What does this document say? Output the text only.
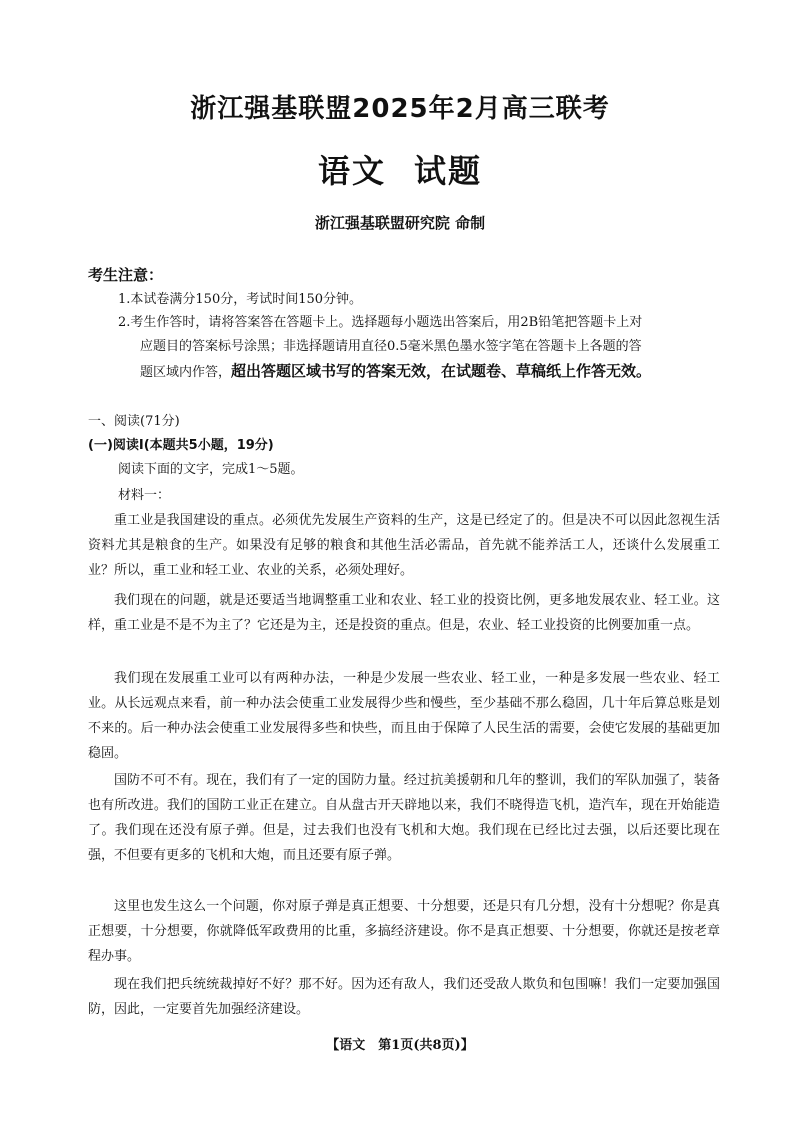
浙江强基联盟2025年2月高三联考
语文 试题
浙江强基联盟研究院 命制
考生注意：
1.本试卷满分150分，考试时间150分钟。
2.考生作答时，请将答案答在答题卡上。选择题每小题选出答案后，用2B铅笔把答题卡上对
应题目的答案标号涂黑；非选择题请用直径0.5毫米黑色墨水签字笔在答题卡上各题的答
题区域内作答，超出答题区域书写的答案无效，在试题卷、草稿纸上作答无效。
一、阅读(71分)
(一)阅读Ⅰ(本题共5小题，19分)
阅读下面的文字，完成1～5题。
材料一：
重工业是我国建设的重点。必须优先发展生产资料的生产，这是已经定了的。但是决不可以因此忽视生活资料尤其是粮食的生产。如果没有足够的粮食和其他生活必需品，首先就不能养活工人，还谈什么发展重工业？所以，重工业和轻工业、农业的关系，必须处理好。
我们现在的问题，就是还要适当地调整重工业和农业、轻工业的投资比例，更多地发展农业、轻工业。这样，重工业是不是不为主了？它还是为主，还是投资的重点。但是，农业、轻工业投资的比例要加重一点。
我们现在发展重工业可以有两种办法，一种是少发展一些农业、轻工业，一种是多发展一些农业、轻工业。从长远观点来看，前一种办法会使重工业发展得少些和慢些，至少基础不那么稳固，几十年后算总账是划不来的。后一种办法会使重工业发展得多些和快些，而且由于保障了人民生活的需要，会使它发展的基础更加稳固。
国防不可不有。现在，我们有了一定的国防力量。经过抗美援朝和几年的整训，我们的军队加强了，装备也有所改进。我们的国防工业正在建立。自从盘古开天辟地以来，我们不晓得造飞机，造汽车，现在开始能造了。我们现在还没有原子弹。但是，过去我们也没有飞机和大炮。我们现在已经比过去强，以后还要比现在强，不但要有更多的飞机和大炮，而且还要有原子弹。
这里也发生这么一个问题，你对原子弹是真正想要、十分想要，还是只有几分想，没有十分想呢？你是真正想要，十分想要，你就降低军政费用的比重，多搞经济建设。你不是真正想要、十分想要，你就还是按老章程办事。
现在我们把兵统统裁掉好不好？那不好。因为还有敌人，我们还受敌人欺负和包围嘛！我们一定要加强国防，因此，一定要首先加强经济建设。
【语文　第1页(共8页)】
